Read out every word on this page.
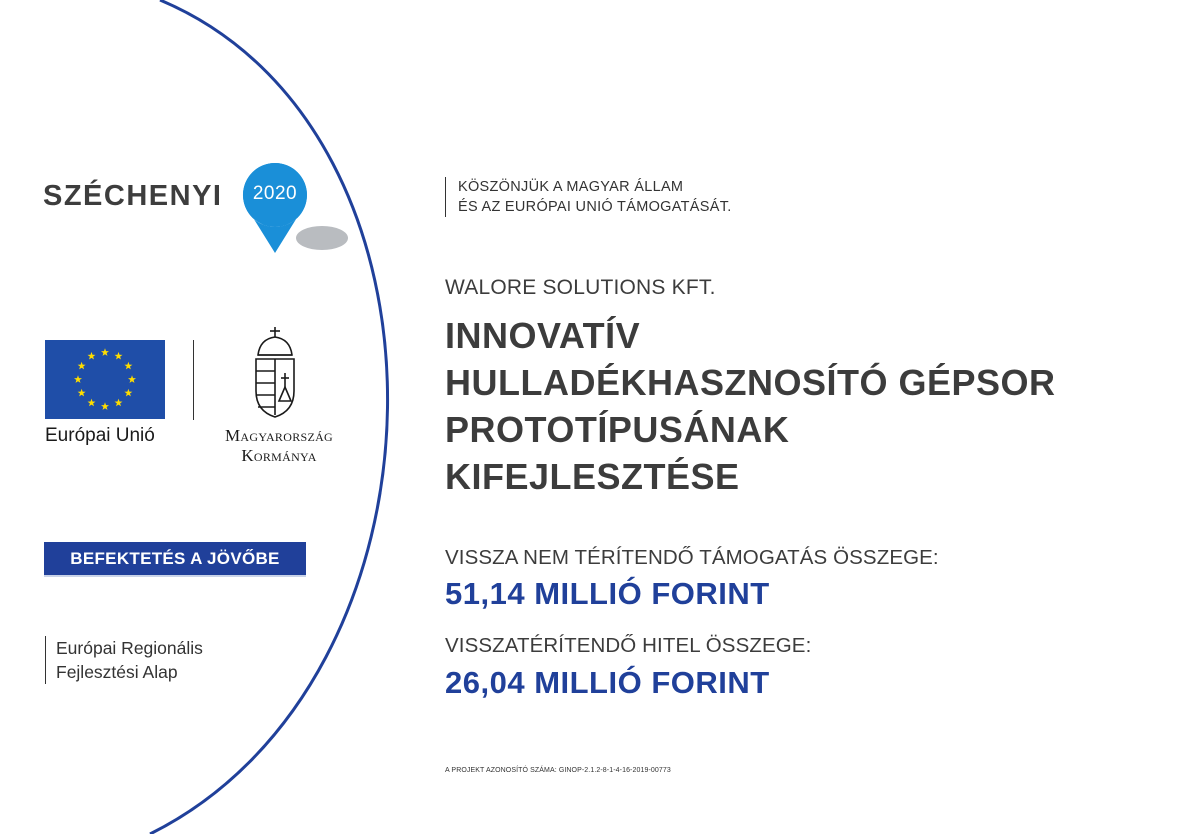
SZÉCHENYI	2020
Európai Unió	Magyarország
Kormánya
BEFEKTETÉS A JÖVŐBE
Európai Regionális
Fejlesztési Alap
KÖSZÖNJÜK A MAGYAR ÁLLAM
ÉS AZ EURÓPAI UNIÓ TÁMOGATÁSÁT.
WALORE SOLUTIONS KFT.
INNOVATÍV
HULLADÉKHASZNOSÍTÓ GÉPSOR
PROTOTÍPUSÁNAK
KIFEJLESZTÉSE
VISSZA NEM TÉRÍTENDŐ TÁMOGATÁS ÖSSZEGE:
51,14 MILLIÓ FORINT
VISSZATÉRÍTENDŐ HITEL ÖSSZEGE:
26,04 MILLIÓ FORINT
A PROJEKT AZONOSÍTÓ SZÁMA: GINOP-2.1.2-8-1-4-16-2019-00773
